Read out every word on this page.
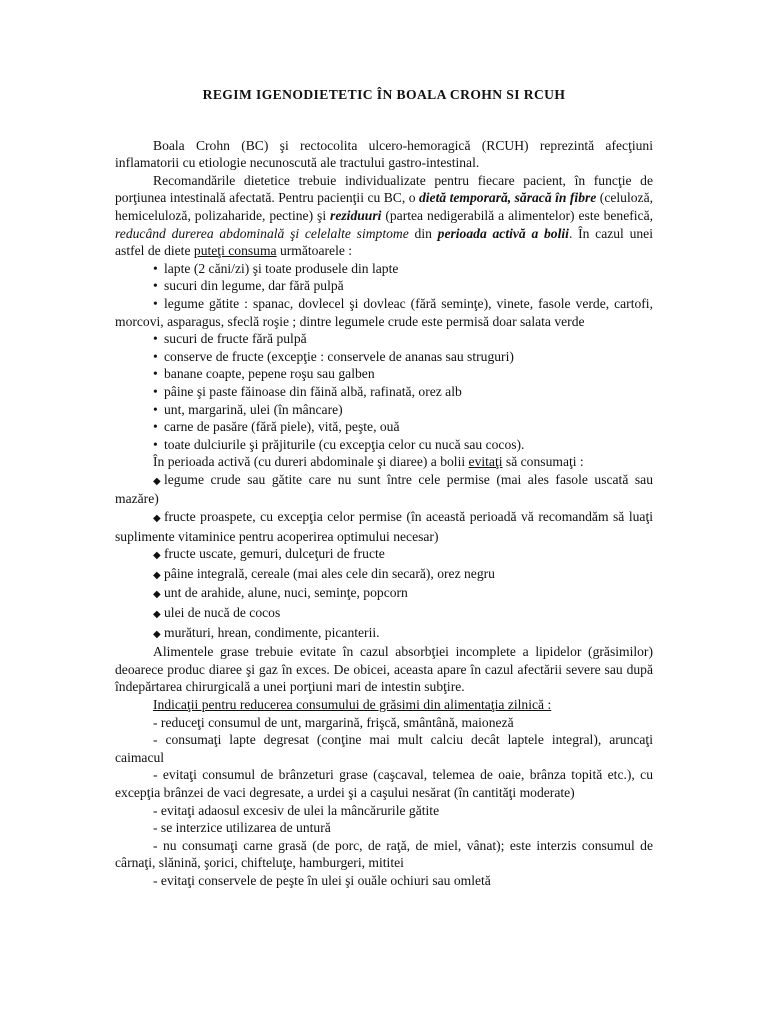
REGIM IGENODIETETIC ÎN BOALA CROHN SI RCUH

Boala Crohn (BC) şi rectocolita ulcero-hemoragică (RCUH) reprezintă afecţiuni inflamatorii cu etiologie necunoscută ale tractului gastro-intestinal.

Recomandările dietetice trebuie individualizate pentru fiecare pacient, în funcţie de porţiunea intestinală afectată. Pentru pacienţii cu BC, o dietă temporară, săracă în fibre (celuloză, hemiceluloză, polizaharide, pectine) şi reziduuri (partea nedigerabilă a alimentelor) este benefică, reducând durerea abdominală şi celelalte simptome din perioada activă a bolii. În cazul unei astfel de diete puteţi consuma următoarele :

• lapte (2 căni/zi) şi toate produsele din lapte

• sucuri din legume, dar fără pulpă

• legume gătite : spanac, dovlecel şi dovleac (fără seminţe), vinete, fasole verde, cartofi, morcovi, asparagus, sfeclă roşie ; dintre legumele crude este permisă doar salata verde

• sucuri de fructe fără pulpă

• conserve de fructe (excepţie : conservele de ananas sau struguri)

• banane coapte, pepene roşu sau galben

• pâine şi paste făinoase din făină albă, rafinată, orez alb

• unt, margarină, ulei (în mâncare)

• carne de pasăre (fără piele), vită, peşte, ouă

• toate dulciurile şi prăjiturile (cu excepţia celor cu nucă sau cocos).

În perioada activă (cu dureri abdominale şi diaree) a bolii evitaţi să consumaţi :

◆ legume crude sau gătite care nu sunt între cele permise (mai ales fasole uscată sau mazăre)

◆ fructe proaspete, cu excepţia celor permise (în această perioadă vă recomandăm să luaţi suplimente vitaminice pentru acoperirea optimului necesar)

◆ fructe uscate, gemuri, dulceţuri de fructe

◆ pâine integrală, cereale (mai ales cele din secară), orez negru

◆ unt de arahide, alune, nuci, seminţe, popcorn

◆ ulei de nucă de cocos

◆ murături, hrean, condimente, picanterii.

Alimentele grase trebuie evitate în cazul absorbţiei incomplete a lipidelor (grăsimilor) deoarece produc diaree şi gaz în exces. De obicei, aceasta apare în cazul afectării severe sau după îndepărtarea chirurgicală a unei porţiuni mari de intestin subţire.

Indicaţii pentru reducerea consumului de grăsimi din alimentaţia zilnică :

- reduceţi consumul de unt, margarină, frişcă, smântână, maioneză

- consumaţi lapte degresat (conţine mai mult calciu decât laptele integral), aruncaţi caimacul

- evitaţi consumul de brânzeturi grase (caşcaval, telemea de oaie, brânza topită etc.), cu excepţia brânzei de vaci degresate, a urdei şi a caşului nesărat (în cantităţi moderate)

- evitaţi adaosul excesiv de ulei la mâncărurile gătite

- se interzice utilizarea de untură

- nu consumaţi carne grasă (de porc, de raţă, de miel, vânat); este interzis consumul de cârnaţi, slănină, şorici, chifteluţe, hamburgeri, mititei

- evitaţi conservele de peşte în ulei şi ouăle ochiuri sau omletă
